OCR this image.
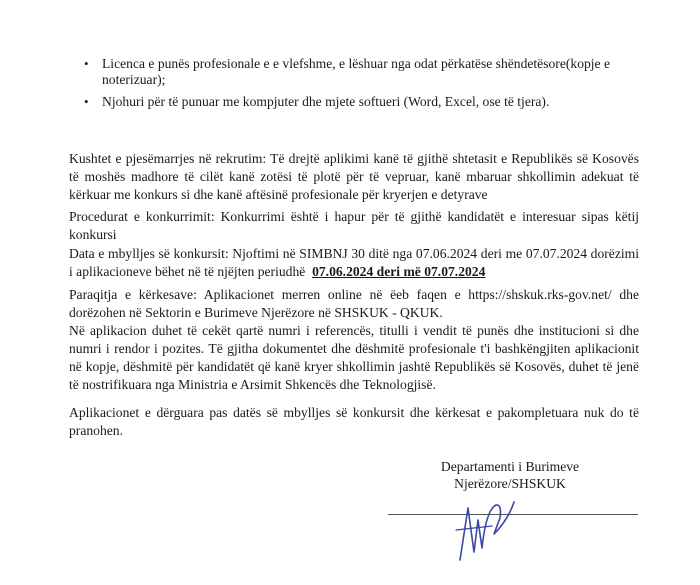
• Licenca e punës profesionale e e vlefshme, e lëshuar nga odat përkatëse shëndetësore(kopje e noterizuar);
• Njohuri për të punuar me kompjuter dhe mjete softueri (Word, Excel, ose të tjera).

Kushtet e pjesëmarrjes në rekrutim: Të drejtë aplikimi kanë të gjithë shtetasit e Republikës së Kosovës të moshës madhore të cilët kanë zotësi të plotë për të vepruar, kanë mbaruar shkollimin adekuat të kërkuar me konkurs si dhe kanë aftësinë profesionale për kryerjen e detyrave

Procedurat e konkurrimit: Konkurrimi është i hapur për të gjithë kandidatët e interesuar sipas këtij konkursi

Data e mbylljes së konkursit: Njoftimi në SIMBNJ 30 ditë nga 07.06.2024 deri me 07.07.2024 dorëzimi i aplikacioneve bëhet në të njëjten periudhë 07.06.2024 deri më 07.07.2024

Paraqitja e kërkesave: Aplikacionet merren online në ëeb faqen e https://shskuk.rks-gov.net/ dhe dorëzohen në Sektorin e Burimeve Njerëzore në SHSKUK - QKUK.

Në aplikacion duhet të cekët qartë numri i referencës, titulli i vendit të punës dhe institucioni si dhe numri i rendor i pozites. Të gjitha dokumentet dhe dëshmitë profesionale t'i bashkëngjiten aplikacionit në kopje, dëshmitë për kandidatët që kanë kryer shkollimin jashtë Republikës së Kosovës, duhet të jenë të nostrifikuara nga Ministria e Arsimit Shkencës dhe Teknologjisë.

Aplikacionet e dërguara pas datës së mbylljes së konkursit dhe kërkesat e pakompletuara nuk do të pranohen.

Departamenti i Burimeve
Njerëzore/SHSKUK
